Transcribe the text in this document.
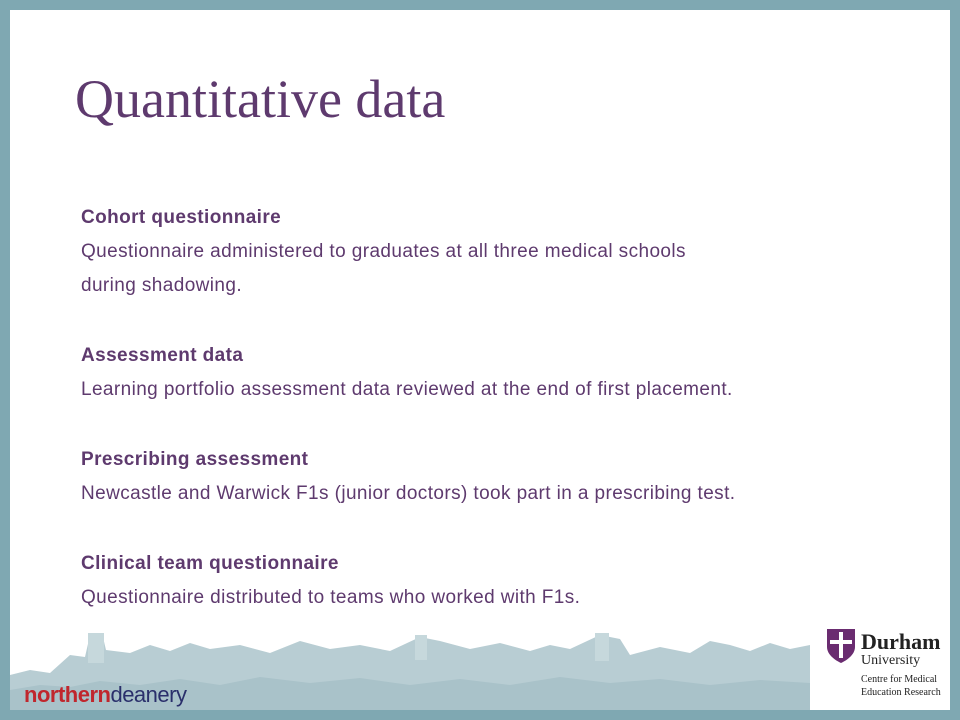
Quantitative data
Cohort questionnaire
Questionnaire administered to graduates at all three medical schools
during shadowing.
Assessment data
Learning portfolio assessment data reviewed at the end of first placement.
Prescribing assessment
Newcastle and Warwick F1s (junior doctors) took part in a prescribing test.
Clinical team questionnaire
Questionnaire distributed to teams who worked with F1s.
northerndeanery
Durham
University
Centre for Medical
Education Research
